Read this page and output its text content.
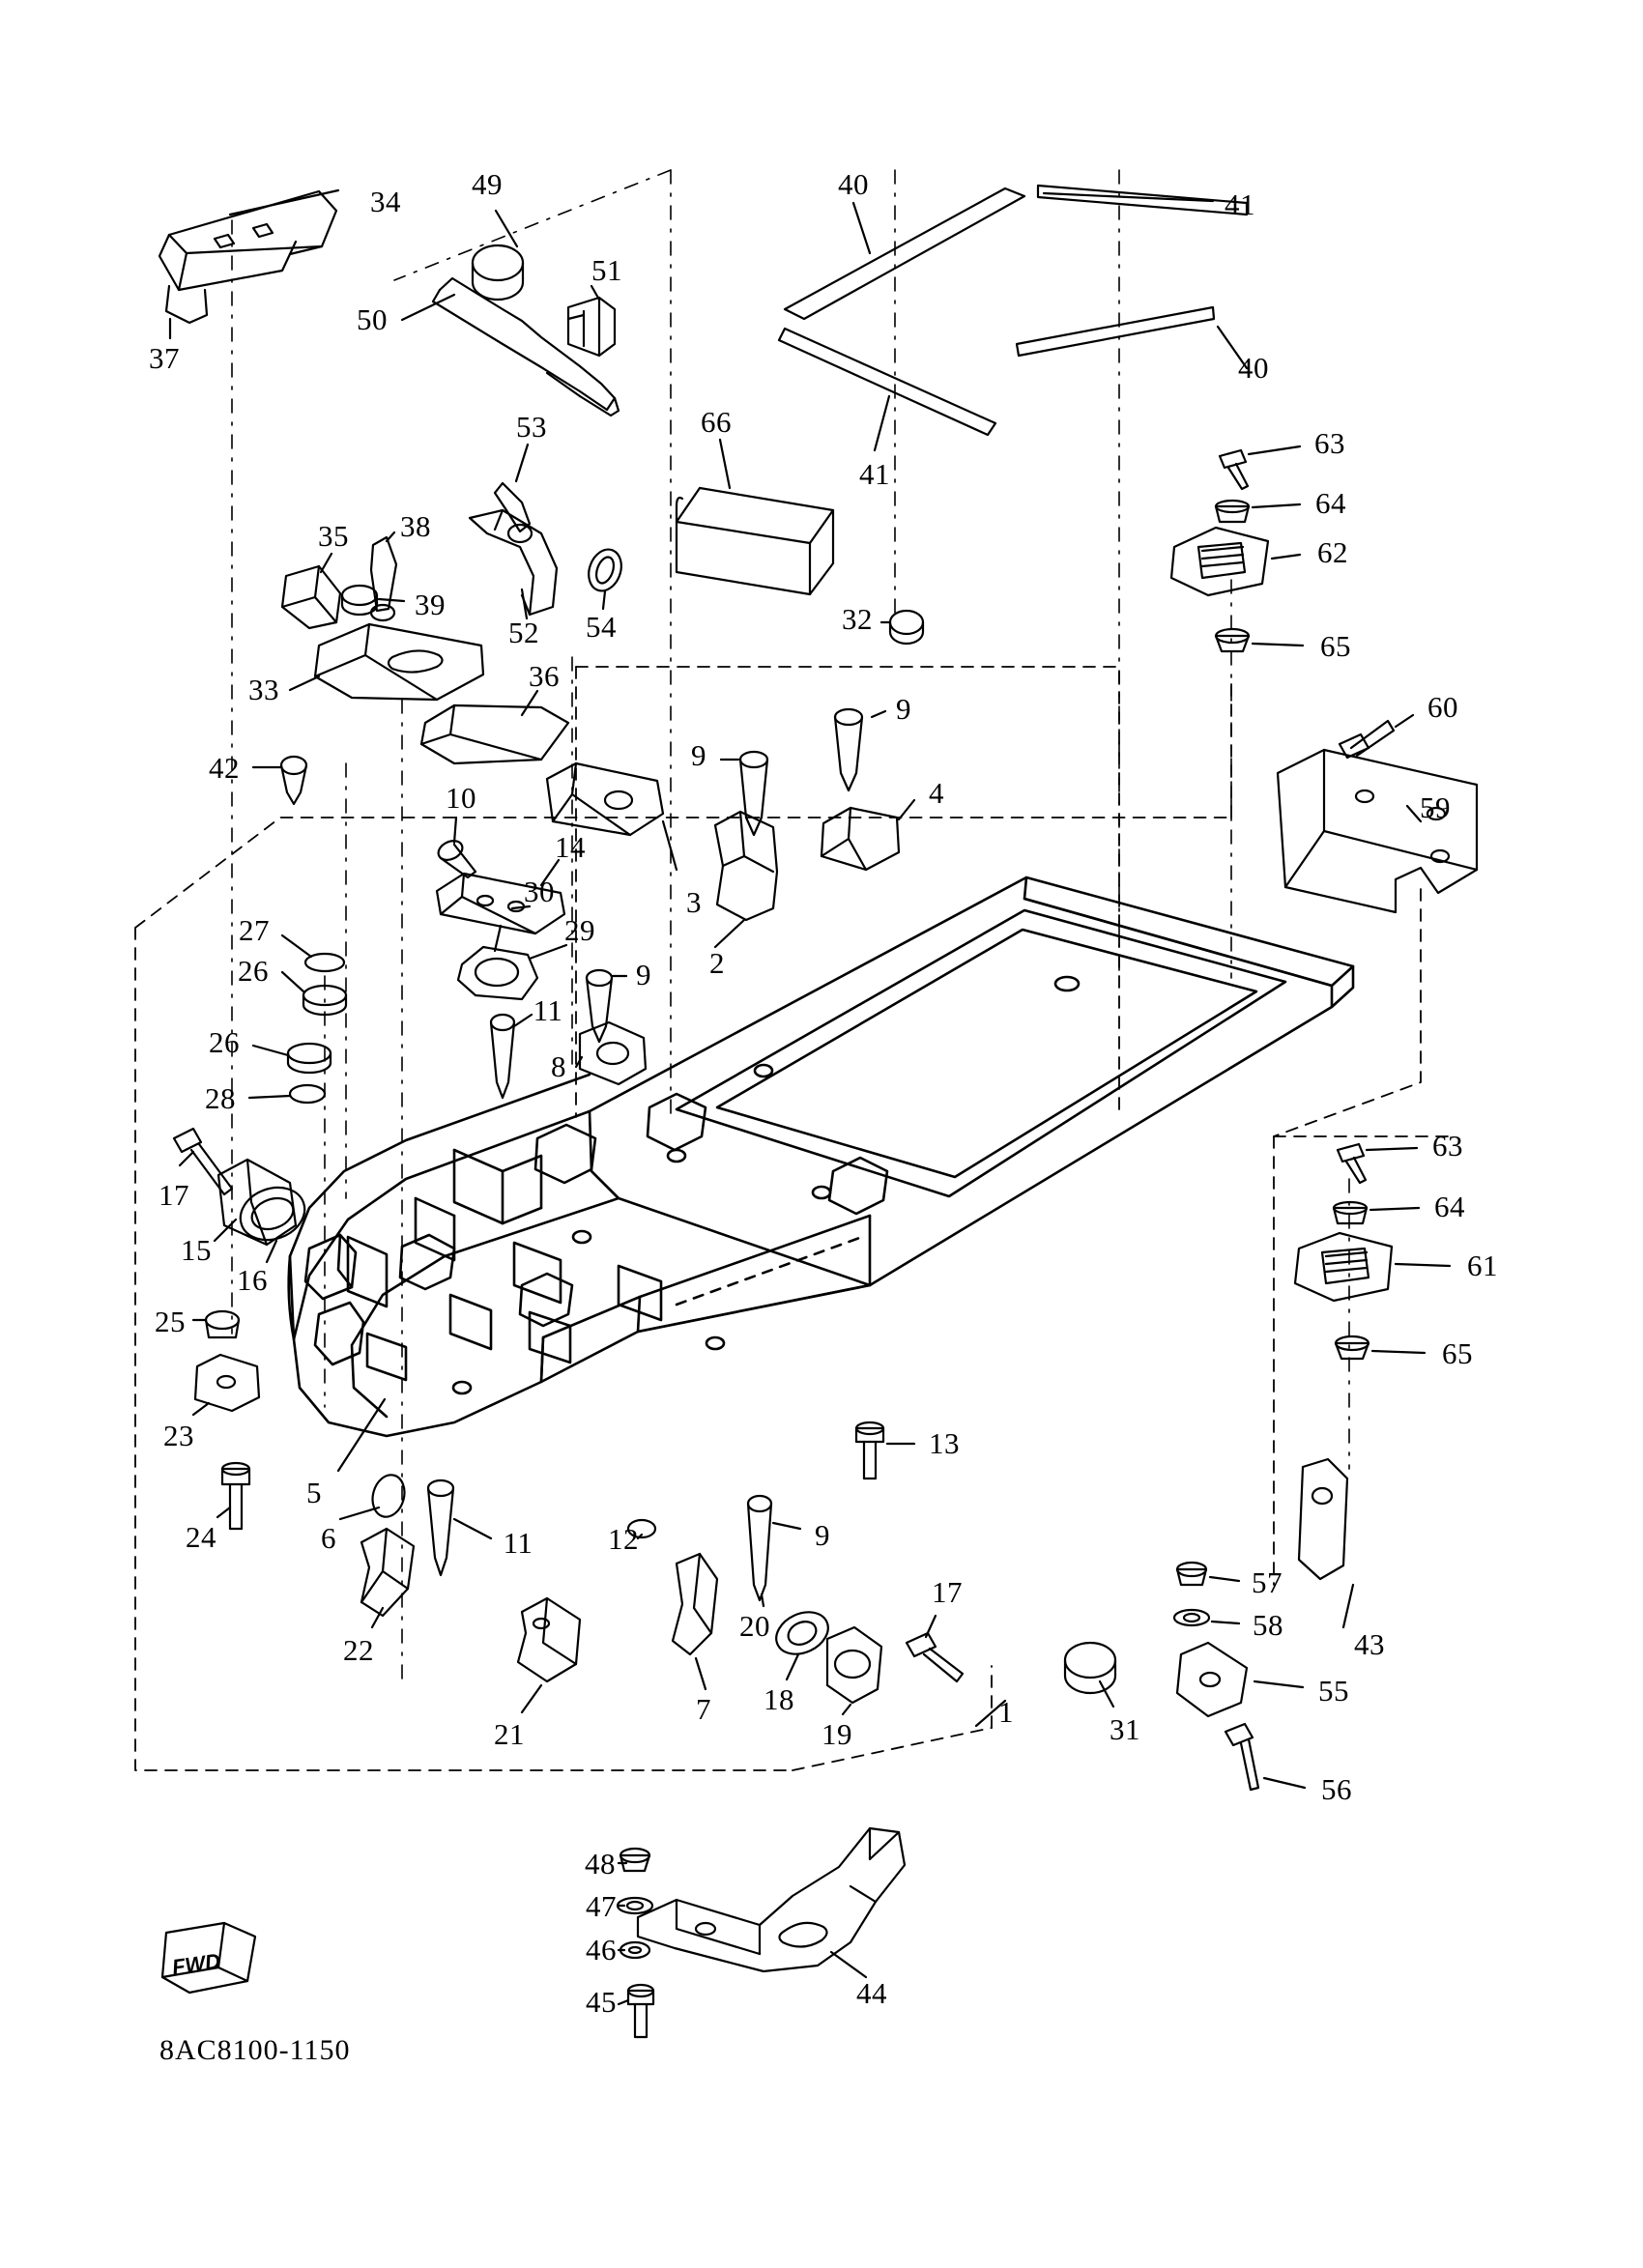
FWD
8AC8100-1150
34
49	40
41
51
50
37	40
53	66
63
41
64
38
35	62
39	32
54
52	65
33
60
36
9
9
42
59
4
10
14
3
30
29
27
9
26	2
11
26
8
28
63
17	64
15	61
16
65
25
23	13
5
24	6	9
11	12
17	57
43
58
22
20
18
7	1
55
21	19	31
56
48
47
46
44
45
